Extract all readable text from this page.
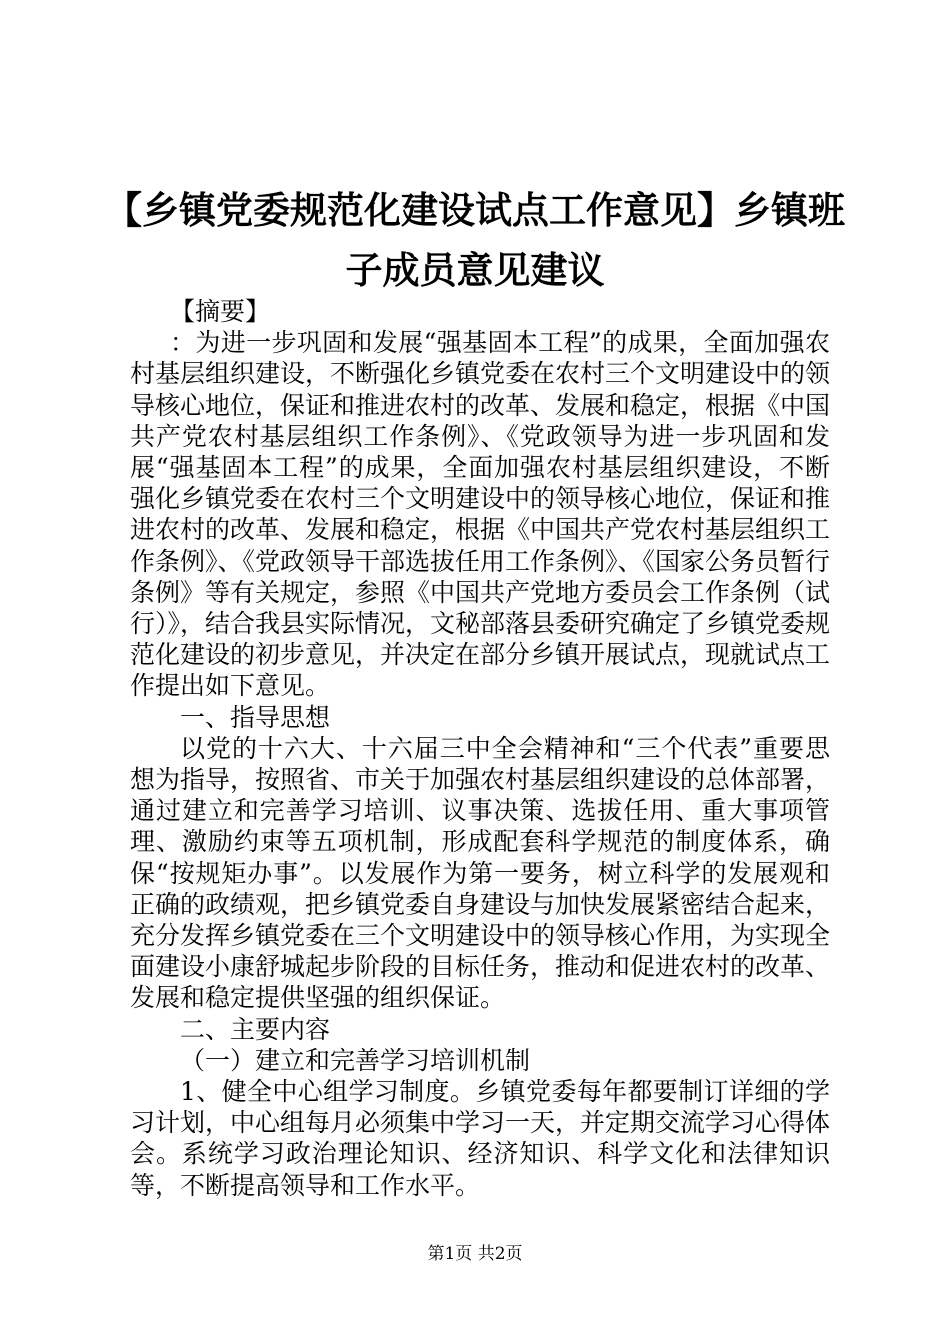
【乡镇党委规范化建设试点工作意见】乡镇班子成员意见建议

【摘要】

：为进一步巩固和发展“强基固本工程”的成果，全面加强农村基层组织建设，不断强化乡镇党委在农村三个文明建设中的领导核心地位，保证和推进农村的改革、发展和稳定，根据《中国共产党农村基层组织工作条例》、《党政领导为进一步巩固和发展“强基固本工程”的成果，全面加强农村基层组织建设，不断强化乡镇党委在农村三个文明建设中的领导核心地位，保证和推进农村的改革、发展和稳定，根据《中国共产党农村基层组织工作条例》、《党政领导干部选拔任用工作条例》、《国家公务员暂行条例》等有关规定，参照《中国共产党地方委员会工作条例（试行）》，结合我县实际情况，文秘部落县委研究确定了乡镇党委规范化建设的初步意见，并决定在部分乡镇开展试点，现就试点工作提出如下意见。

一、指导思想

以党的十六大、十六届三中全会精神和“三个代表”重要思想为指导，按照省、市关于加强农村基层组织建设的总体部署，通过建立和完善学习培训、议事决策、选拔任用、重大事项管理、激励约束等五项机制，形成配套科学规范的制度体系，确保“按规矩办事”。以发展作为第一要务，树立科学的发展观和正确的政绩观，把乡镇党委自身建设与加快发展紧密结合起来，充分发挥乡镇党委在三个文明建设中的领导核心作用，为实现全面建设小康舒城起步阶段的目标任务，推动和促进农村的改革、发展和稳定提供坚强的组织保证。

二、主要内容

（一）建立和完善学习培训机制

1、健全中心组学习制度。乡镇党委每年都要制订详细的学习计划，中心组每月必须集中学习一天，并定期交流学习心得体会。系统学习政治理论知识、经济知识、科学文化和法律知识等，不断提高领导和工作水平。

第1页 共2页
